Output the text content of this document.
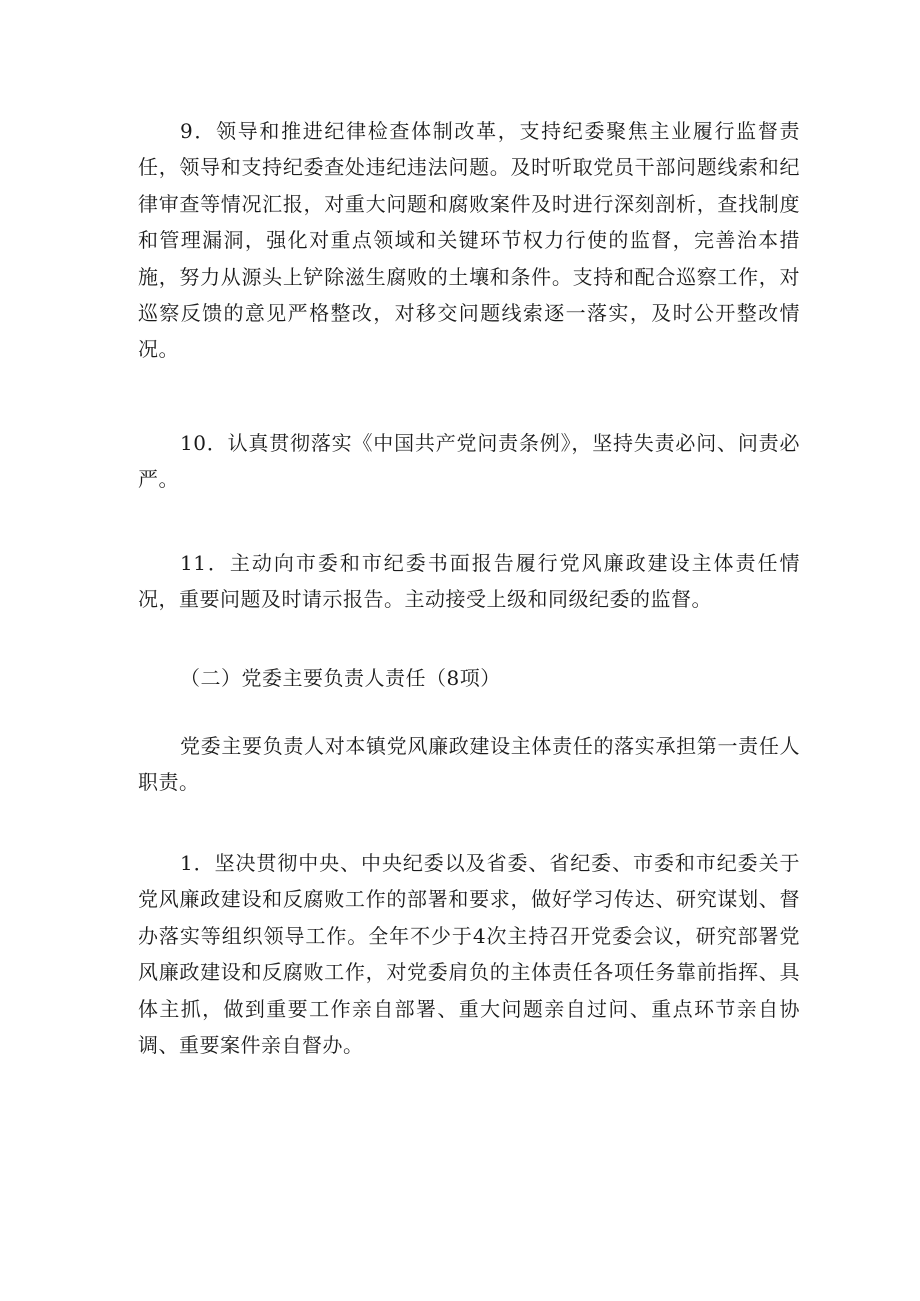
9．领导和推进纪律检查体制改革，支持纪委聚焦主业履行监督责任，领导和支持纪委查处违纪违法问题。及时听取党员干部问题线索和纪律审查等情况汇报，对重大问题和腐败案件及时进行深刻剖析，查找制度和管理漏洞，强化对重点领域和关键环节权力行使的监督，完善治本措施，努力从源头上铲除滋生腐败的土壤和条件。支持和配合巡察工作，对巡察反馈的意见严格整改，对移交问题线索逐一落实，及时公开整改情况。

10．认真贯彻落实《中国共产党问责条例》，坚持失责必问、问责必严。

11．主动向市委和市纪委书面报告履行党风廉政建设主体责任情况，重要问题及时请示报告。主动接受上级和同级纪委的监督。

（二）党委主要负责人责任（8项）

党委主要负责人对本镇党风廉政建设主体责任的落实承担第一责任人职责。

1．坚决贯彻中央、中央纪委以及省委、省纪委、市委和市纪委关于党风廉政建设和反腐败工作的部署和要求，做好学习传达、研究谋划、督办落实等组织领导工作。全年不少于4次主持召开党委会议，研究部署党风廉政建设和反腐败工作，对党委肩负的主体责任各项任务靠前指挥、具体主抓，做到重要工作亲自部署、重大问题亲自过问、重点环节亲自协调、重要案件亲自督办。
